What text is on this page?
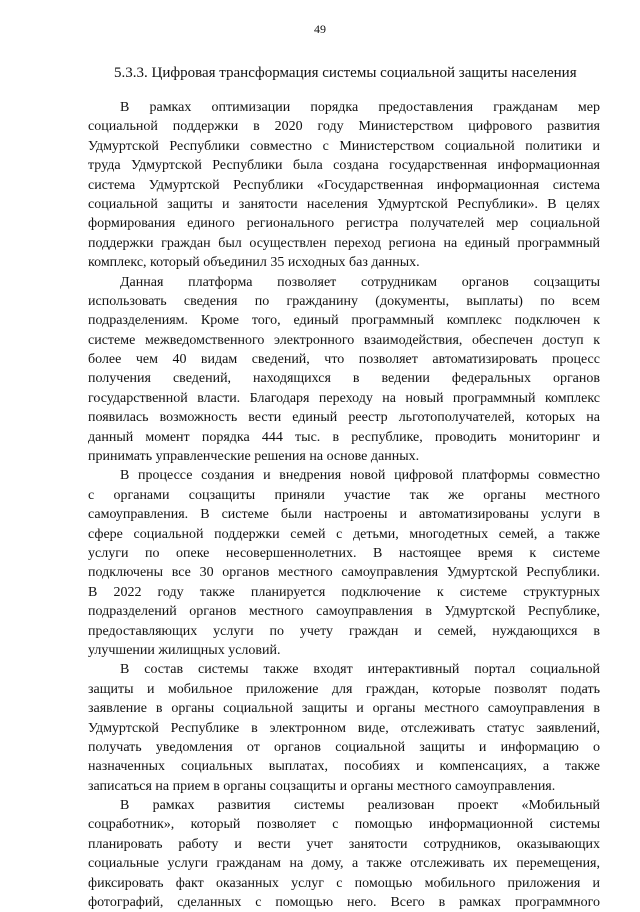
49
5.3.3. Цифровая трансформация системы социальной защиты населения
В рамках оптимизации порядка предоставления гражданам мер
социальной поддержки в 2020 году Министерством цифрового развития
Удмуртской Республики совместно с Министерством социальной политики и
труда Удмуртской Республики была создана государственная информационная
система Удмуртской Республики «Государственная информационная система
социальной защиты и занятости населения Удмуртской Республики». В целях
формирования единого регионального регистра получателей мер социальной
поддержки граждан был осуществлен переход региона на единый программный
комплекс, который объединил 35 исходных баз данных.
Данная платформа позволяет сотрудникам органов соцзащиты
использовать сведения по гражданину (документы, выплаты) по всем
подразделениям. Кроме того, единый программный комплекс подключен к
системе межведомственного электронного взаимодействия, обеспечен доступ к
более чем 40 видам сведений, что позволяет автоматизировать процесс
получения сведений, находящихся в ведении федеральных органов
государственной власти. Благодаря переходу на новый программный комплекс
появилась возможность вести единый реестр льготополучателей, которых на
данный момент порядка 444 тыс. в республике, проводить мониторинг и
принимать управленческие решения на основе данных.
В процессе создания и внедрения новой цифровой платформы совместно
с органами соцзащиты приняли участие так же органы местного
самоуправления. В системе были настроены и автоматизированы услуги в
сфере социальной поддержки семей с детьми, многодетных семей, а также
услуги по опеке несовершеннолетних. В настоящее время к системе
подключены все 30 органов местного самоуправления Удмуртской Республики.
В 2022 году также планируется подключение к системе структурных
подразделений органов местного самоуправления в Удмуртской Республике,
предоставляющих услуги по учету граждан и семей, нуждающихся в
улучшении жилищных условий.
В состав системы также входят интерактивный портал социальной
защиты и мобильное приложение для граждан, которые позволят подать
заявление в органы социальной защиты и органы местного самоуправления в
Удмуртской Республике в электронном виде, отслеживать статус заявлений,
получать уведомления от органов социальной защиты и информацию о
назначенных социальных выплатах, пособиях и компенсациях, а также
записаться на прием в органы соцзащиты и органы местного самоуправления.
В рамках развития системы реализован проект «Мобильный
соцработник», который позволяет с помощью информационной системы
планировать работу и вести учет занятости сотрудников, оказывающих
социальные услуги гражданам на дому, а также отслеживать их перемещения,
фиксировать факт оказанных услуг с помощью мобильного приложения и
фотографий, сделанных с помощью него. Всего в рамках программного
